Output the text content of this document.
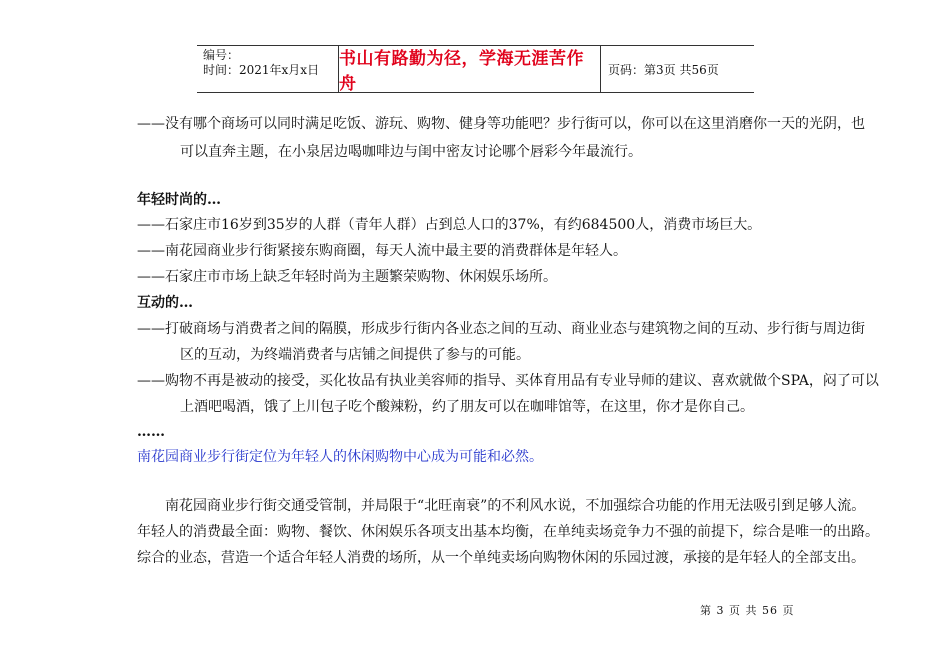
编号：
时间：2021年x月x日
书山有路勤为径，学海无涯苦作舟
页码：第3页 共56页
——没有哪个商场可以同时满足吃饭、游玩、购物、健身等功能吧？步行街可以，你可以在这里消磨你一天的光阴，也
可以直奔主题，在小泉居边喝咖啡边与闺中密友讨论哪个唇彩今年最流行。
年轻时尚的…
——石家庄市16岁到35岁的人群（青年人群）占到总人口的37%，有约684500人，消费市场巨大。
——南花园商业步行街紧接东购商圈，每天人流中最主要的消费群体是年轻人。
——石家庄市市场上缺乏年轻时尚为主题繁荣购物、休闲娱乐场所。
互动的…
——打破商场与消费者之间的隔膜，形成步行街内各业态之间的互动、商业业态与建筑物之间的互动、步行街与周边街
区的互动，为终端消费者与店铺之间提供了参与的可能。
——购物不再是被动的接受，买化妆品有执业美容师的指导、买体育用品有专业导师的建议、喜欢就做个SPA，闷了可以
上酒吧喝酒，饿了上川包子吃个酸辣粉，约了朋友可以在咖啡馆等，在这里，你才是你自己。
……
南花园商业步行街定位为年轻人的休闲购物中心成为可能和必然。
南花园商业步行街交通受管制，并局限于“北旺南衰”的不利风水说，不加强综合功能的作用无法吸引到足够人流。
年轻人的消费最全面：购物、餐饮、休闲娱乐各项支出基本均衡，在单纯卖场竞争力不强的前提下，综合是唯一的出路。
综合的业态，营造一个适合年轻人消费的场所，从一个单纯卖场向购物休闲的乐园过渡，承接的是年轻人的全部支出。
第 3 页 共 56 页
